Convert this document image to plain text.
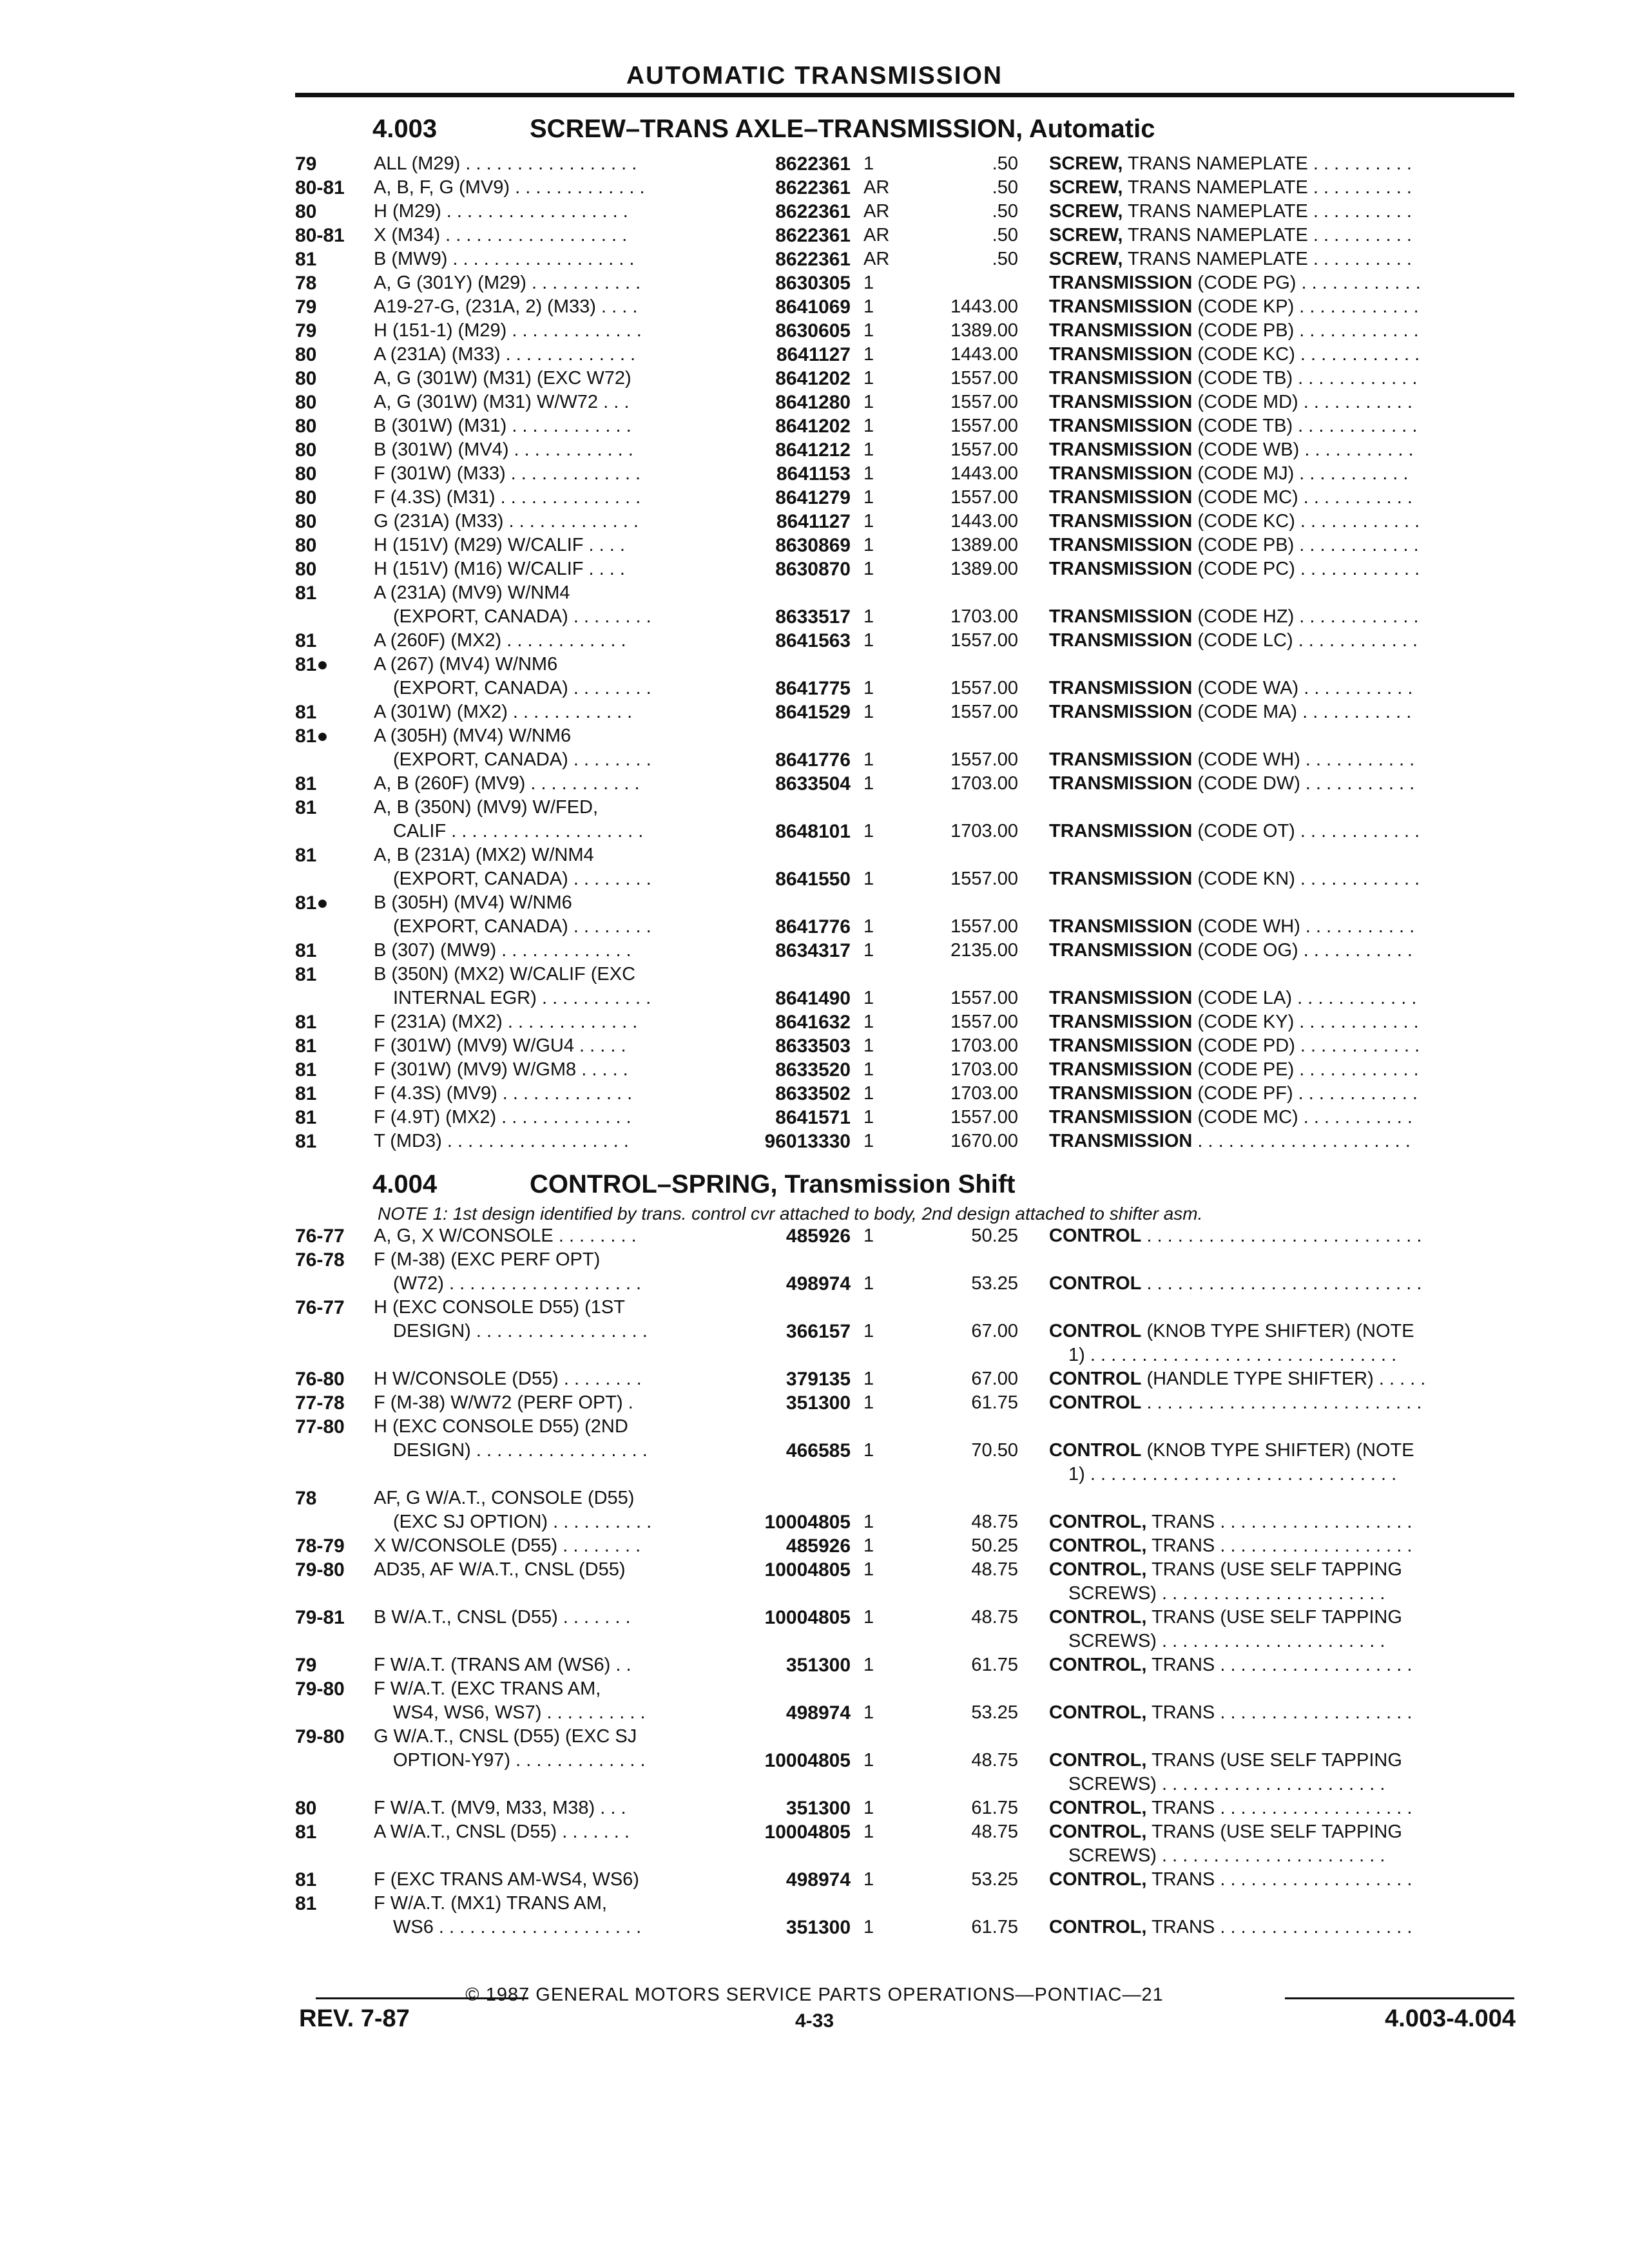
AUTOMATIC TRANSMISSION
4.003	SCREW–TRANS AXLE–TRANSMISSION, Automatic
79	ALL (M29) . . . . . . . . . . . . . . . . .	8622361 1	.50 SCREW, TRANS NAMEPLATE . . . . . . . . . .
80-81	A, B, F, G (MV9) . . . . . . . . . . . . .	8622361 AR	.50 SCREW, TRANS NAMEPLATE . . . . . . . . . .
80	H (M29) . . . . . . . . . . . . . . . . . .	8622361 AR	.50 SCREW, TRANS NAMEPLATE . . . . . . . . . .
80-81	X (M34) . . . . . . . . . . . . . . . . . .	8622361 AR	.50 SCREW, TRANS NAMEPLATE . . . . . . . . . .
81	B (MW9) . . . . . . . . . . . . . . . . . .	8622361 AR	.50 SCREW, TRANS NAMEPLATE . . . . . . . . . .
78	A, G (301Y) (M29) . . . . . . . . . . .	8630305 1	TRANSMISSION (CODE PG) . . . . . . . . . . . .
79	A19-27-G, (231A, 2) (M33) . . . .	8641069 1	1443.00 TRANSMISSION (CODE KP) . . . . . . . . . . . .
79	H (151-1) (M29) . . . . . . . . . . . . .	8630605 1	1389.00 TRANSMISSION (CODE PB) . . . . . . . . . . . .
80	A (231A) (M33) . . . . . . . . . . . . .	8641127 1	1443.00 TRANSMISSION (CODE KC) . . . . . . . . . . . .
80	A, G (301W) (M31) (EXC W72)	8641202 1	1557.00 TRANSMISSION (CODE TB) . . . . . . . . . . . .
80	A, G (301W) (M31) W/W72 . . .	8641280 1	1557.00 TRANSMISSION (CODE MD) . . . . . . . . . . .
80	B (301W) (M31) . . . . . . . . . . . .	8641202 1	1557.00 TRANSMISSION (CODE TB) . . . . . . . . . . . .
80	B (301W) (MV4) . . . . . . . . . . . .	8641212 1	1557.00 TRANSMISSION (CODE WB) . . . . . . . . . . .
80	F (301W) (M33) . . . . . . . . . . . . .	8641153 1	1443.00 TRANSMISSION (CODE MJ) . . . . . . . . . . .
80	F (4.3S) (M31) . . . . . . . . . . . . . .	8641279 1	1557.00 TRANSMISSION (CODE MC) . . . . . . . . . . .
80	G (231A) (M33) . . . . . . . . . . . . .	8641127 1	1443.00 TRANSMISSION (CODE KC) . . . . . . . . . . . .
80	H (151V) (M29) W/CALIF . . . .	8630869 1	1389.00 TRANSMISSION (CODE PB) . . . . . . . . . . . .
80	H (151V) (M16) W/CALIF . . . .	8630870 1	1389.00 TRANSMISSION (CODE PC) . . . . . . . . . . . .
81	A (231A) (MV9) W/NM4
(EXPORT, CANADA) . . . . . . . .	8633517 1	1703.00 TRANSMISSION (CODE HZ) . . . . . . . . . . . .
81	A (260F) (MX2) . . . . . . . . . . . .	8641563 1	1557.00 TRANSMISSION (CODE LC) . . . . . . . . . . . .
81●	A (267) (MV4) W/NM6
(EXPORT, CANADA) . . . . . . . .	8641775 1	1557.00 TRANSMISSION (CODE WA) . . . . . . . . . . .
81	A (301W) (MX2) . . . . . . . . . . . .	8641529 1	1557.00 TRANSMISSION (CODE MA) . . . . . . . . . . .
81●	A (305H) (MV4) W/NM6
(EXPORT, CANADA) . . . . . . . .	8641776 1	1557.00 TRANSMISSION (CODE WH) . . . . . . . . . . .
81	A, B (260F) (MV9) . . . . . . . . . . .	8633504 1	1703.00 TRANSMISSION (CODE DW) . . . . . . . . . . .
81	A, B (350N) (MV9) W/FED,
CALIF . . . . . . . . . . . . . . . . . . .	8648101 1	1703.00 TRANSMISSION (CODE OT) . . . . . . . . . . . .
81	A, B (231A) (MX2) W/NM4
(EXPORT, CANADA) . . . . . . . .	8641550 1	1557.00 TRANSMISSION (CODE KN) . . . . . . . . . . . .
81●	B (305H) (MV4) W/NM6
(EXPORT, CANADA) . . . . . . . .	8641776 1	1557.00 TRANSMISSION (CODE WH) . . . . . . . . . . .
81	B (307) (MW9) . . . . . . . . . . . . .	8634317 1	2135.00 TRANSMISSION (CODE OG) . . . . . . . . . . .
81	B (350N) (MX2) W/CALIF (EXC
INTERNAL EGR) . . . . . . . . . . .	8641490 1	1557.00 TRANSMISSION (CODE LA) . . . . . . . . . . . .
81	F (231A) (MX2) . . . . . . . . . . . . .	8641632 1	1557.00 TRANSMISSION (CODE KY) . . . . . . . . . . . .
81	F (301W) (MV9) W/GU4 . . . . .	8633503 1	1703.00 TRANSMISSION (CODE PD) . . . . . . . . . . . .
81	F (301W) (MV9) W/GM8 . . . . .	8633520 1	1703.00 TRANSMISSION (CODE PE) . . . . . . . . . . . .
81	F (4.3S) (MV9) . . . . . . . . . . . . .	8633502 1	1703.00 TRANSMISSION (CODE PF) . . . . . . . . . . . .
81	F (4.9T) (MX2) . . . . . . . . . . . . .	8641571 1	1557.00 TRANSMISSION (CODE MC) . . . . . . . . . . .
81	T (MD3) . . . . . . . . . . . . . . . . . .	96013330 1	1670.00 TRANSMISSION . . . . . . . . . . . . . . . . . . . . .
4.004	CONTROL–SPRING, Transmission Shift
NOTE 1: 1st design identified by trans. control cvr attached to body, 2nd design attached to shifter asm.
76-77	A, G, X W/CONSOLE . . . . . . . .	485926 1	50.25 CONTROL . . . . . . . . . . . . . . . . . . . . . . . . . . .
76-78	F (M-38) (EXC PERF OPT)
(W72) . . . . . . . . . . . . . . . . . . .	498974 1	53.25 CONTROL . . . . . . . . . . . . . . . . . . . . . . . . . . .
76-77	H (EXC CONSOLE D55) (1ST
DESIGN) . . . . . . . . . . . . . . . . .	366157 1	67.00 CONTROL (KNOB TYPE SHIFTER) (NOTE
1) . . . . . . . . . . . . . . . . . . . . . . . . . . . . . .
76-80	H W/CONSOLE (D55) . . . . . . . .	379135 1	67.00 CONTROL (HANDLE TYPE SHIFTER) . . . . .
77-78	F (M-38) W/W72 (PERF OPT) .	351300 1	61.75 CONTROL . . . . . . . . . . . . . . . . . . . . . . . . . . .
77-80	H (EXC CONSOLE D55) (2ND
DESIGN) . . . . . . . . . . . . . . . . .	466585 1	70.50 CONTROL (KNOB TYPE SHIFTER) (NOTE
1) . . . . . . . . . . . . . . . . . . . . . . . . . . . . . .
78	AF, G W/A.T., CONSOLE (D55)
(EXC SJ OPTION) . . . . . . . . . .	10004805 1	48.75 CONTROL, TRANS . . . . . . . . . . . . . . . . . . .
78-79	X W/CONSOLE (D55) . . . . . . . .	485926 1	50.25 CONTROL, TRANS . . . . . . . . . . . . . . . . . . .
79-80	AD35, AF W/A.T., CNSL (D55)	10004805 1	48.75 CONTROL, TRANS (USE SELF TAPPING
SCREWS) . . . . . . . . . . . . . . . . . . . . . .
79-81	B W/A.T., CNSL (D55) . . . . . . .	10004805 1	48.75 CONTROL, TRANS (USE SELF TAPPING
SCREWS) . . . . . . . . . . . . . . . . . . . . . .
79	F W/A.T. (TRANS AM (WS6) . .	351300 1	61.75 CONTROL, TRANS . . . . . . . . . . . . . . . . . . .
79-80	F W/A.T. (EXC TRANS AM,
WS4, WS6, WS7) . . . . . . . . . .	498974 1	53.25 CONTROL, TRANS . . . . . . . . . . . . . . . . . . .
79-80	G W/A.T., CNSL (D55) (EXC SJ
OPTION-Y97) . . . . . . . . . . . . .	10004805 1	48.75 CONTROL, TRANS (USE SELF TAPPING
SCREWS) . . . . . . . . . . . . . . . . . . . . . .
80	F W/A.T. (MV9, M33, M38) . . .	351300 1	61.75 CONTROL, TRANS . . . . . . . . . . . . . . . . . . .
81	A W/A.T., CNSL (D55) . . . . . . .	10004805 1	48.75 CONTROL, TRANS (USE SELF TAPPING
SCREWS) . . . . . . . . . . . . . . . . . . . . . .
81	F (EXC TRANS AM-WS4, WS6)	498974 1	53.25 CONTROL, TRANS . . . . . . . . . . . . . . . . . . .
81	F W/A.T. (MX1) TRANS AM,
WS6 . . . . . . . . . . . . . . . . . . . .	351300 1	61.75 CONTROL, TRANS . . . . . . . . . . . . . . . . . . .
© 1987 GENERAL MOTORS SERVICE PARTS OPERATIONS—PONTIAC—21
REV. 7-87	4-33	4.003-4.004
